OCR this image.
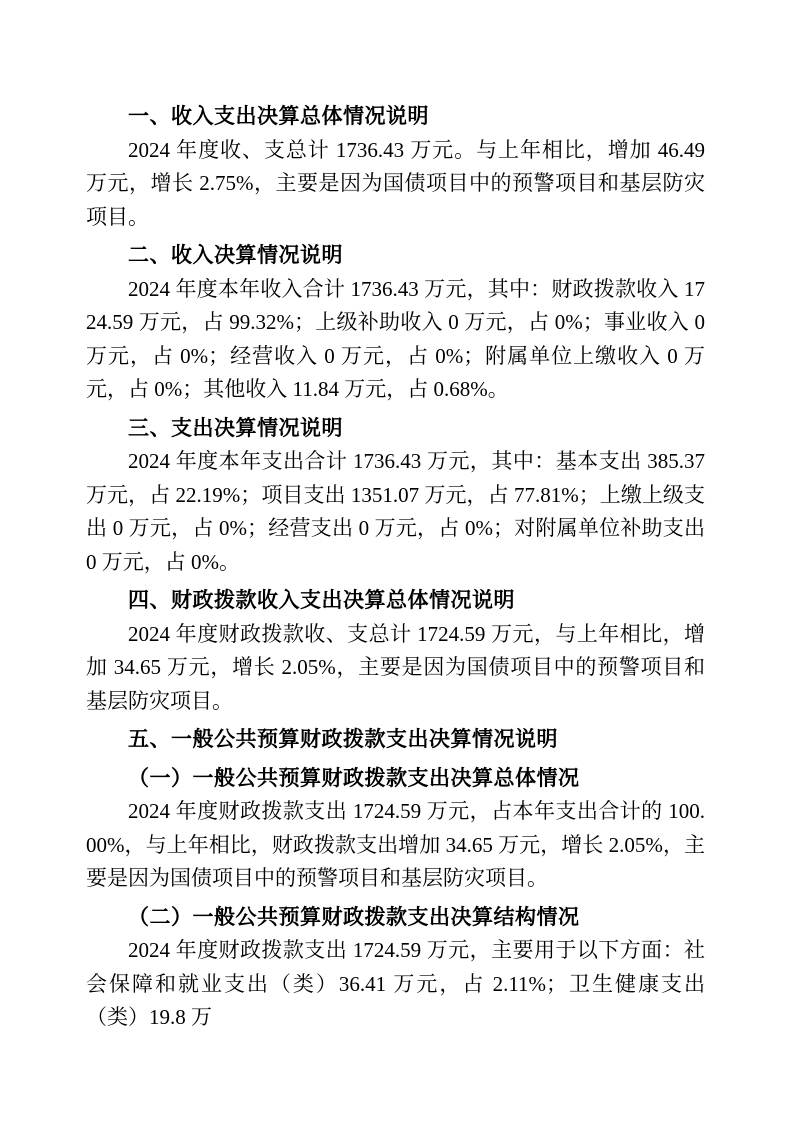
一、收入支出决算总体情况说明

2024 年度收、支总计 1736.43 万元。与上年相比，增加 46.49 万元，增长 2.75%，主要是因为国债项目中的预警项目和基层防灾项目。

二、收入决算情况说明

2024 年度本年收入合计 1736.43 万元，其中：财政拨款收入 1724.59 万元，占 99.32%；上级补助收入 0 万元，占 0%；事业收入 0 万元，占 0%；经营收入 0 万元，占 0%；附属单位上缴收入 0 万元，占 0%；其他收入 11.84 万元，占 0.68%。

三、支出决算情况说明

2024 年度本年支出合计 1736.43 万元，其中：基本支出 385.37 万元，占 22.19%；项目支出 1351.07 万元，占 77.81%；上缴上级支出 0 万元，占 0%；经营支出 0 万元，占 0%；对附属单位补助支出 0 万元，占 0%。

四、财政拨款收入支出决算总体情况说明

2024 年度财政拨款收、支总计 1724.59 万元，与上年相比，增加 34.65 万元，增长 2.05%，主要是因为国债项目中的预警项目和基层防灾项目。

五、一般公共预算财政拨款支出决算情况说明
（一）一般公共预算财政拨款支出决算总体情况

2024 年度财政拨款支出 1724.59 万元，占本年支出合计的 100.00%，与上年相比，财政拨款支出增加 34.65 万元，增长 2.05%，主要是因为国债项目中的预警项目和基层防灾项目。

（二）一般公共预算财政拨款支出决算结构情况

2024 年度财政拨款支出 1724.59 万元，主要用于以下方面：社会保障和就业支出（类）36.41 万元，占 2.11%；卫生健康支出（类）19.8 万
